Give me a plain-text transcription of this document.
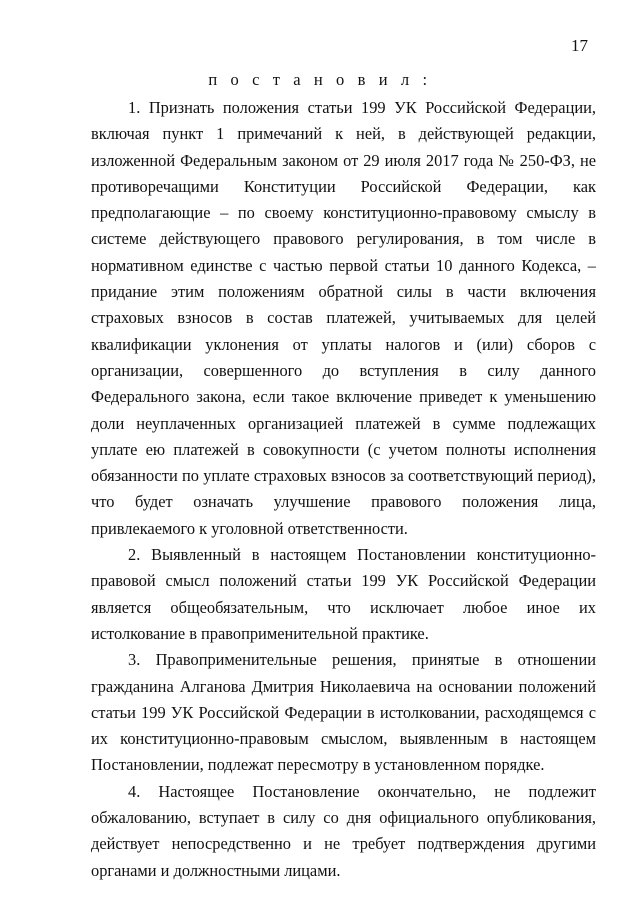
17
п о с т а н о в и л :

1. Признать положения статьи 199 УК Российской Федерации, включая пункт 1 примечаний к ней, в действующей редакции, изложенной Федеральным законом от 29 июля 2017 года № 250-ФЗ, не противоречащими Конституции Российской Федерации, как предполагающие – по своему конституционно-правовому смыслу в системе действующего правового регулирования, в том числе в нормативном единстве с частью первой статьи 10 данного Кодекса, – придание этим положениям обратной силы в части включения страховых взносов в состав платежей, учитываемых для целей квалификации уклонения от уплаты налогов и (или) сборов с организации, совершенного до вступления в силу данного Федерального закона, если такое включение приведет к уменьшению доли неуплаченных организацией платежей в сумме подлежащих уплате ею платежей в совокупности (с учетом полноты исполнения обязанности по уплате страховых взносов за соответствующий период), что будет означать улучшение правового положения лица, привлекаемого к уголовной ответственности.

2. Выявленный в настоящем Постановлении конституционно-правовой смысл положений статьи 199 УК Российской Федерации является общеобязательным, что исключает любое иное их истолкование в правоприменительной практике.

3. Правоприменительные решения, принятые в отношении гражданина Алганова Дмитрия Николаевича на основании положений статьи 199 УК Российской Федерации в истолковании, расходящемся с их конституционно-правовым смыслом, выявленным в настоящем Постановлении, подлежат пересмотру в установленном порядке.

4. Настоящее Постановление окончательно, не подлежит обжалованию, вступает в силу со дня официального опубликования, действует непосредственно и не требует подтверждения другими органами и должностными лицами.
